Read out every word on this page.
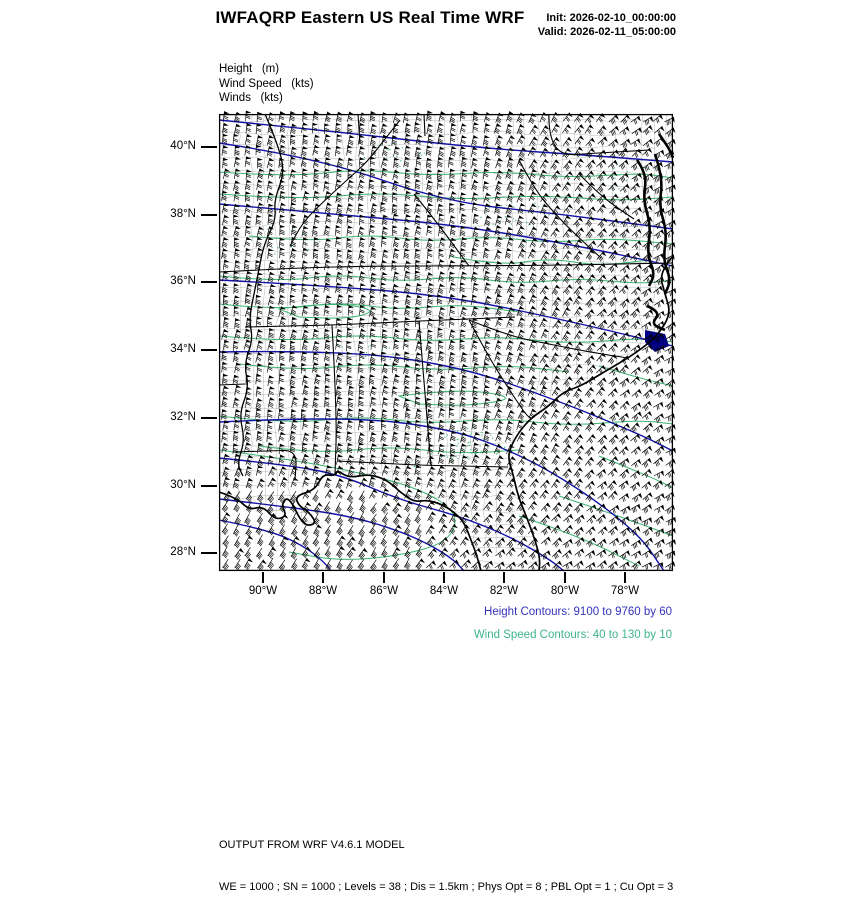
IWFAQRP Eastern US Real Time WRF	Init: 2026-02-10_00:00:00
Valid: 2026-02-11_05:00:00
Height   (m)
Wind Speed   (kts)
Winds   (kts)
40°N
38°N
36°N
34°N
32°N
30°N
28°N
90°W	88°W	86°W	84°W	82°W	80°W	78°W
Height Contours: 9100 to 9760 by 60
Wind Speed Contours: 40 to 130 by 10

OUTPUT FROM WRF V4.6.1 MODEL

WE = 1000 ; SN = 1000 ; Levels = 38 ; Dis = 1.5km ; Phys Opt = 8 ; PBL Opt = 1 ; Cu Opt = 3
